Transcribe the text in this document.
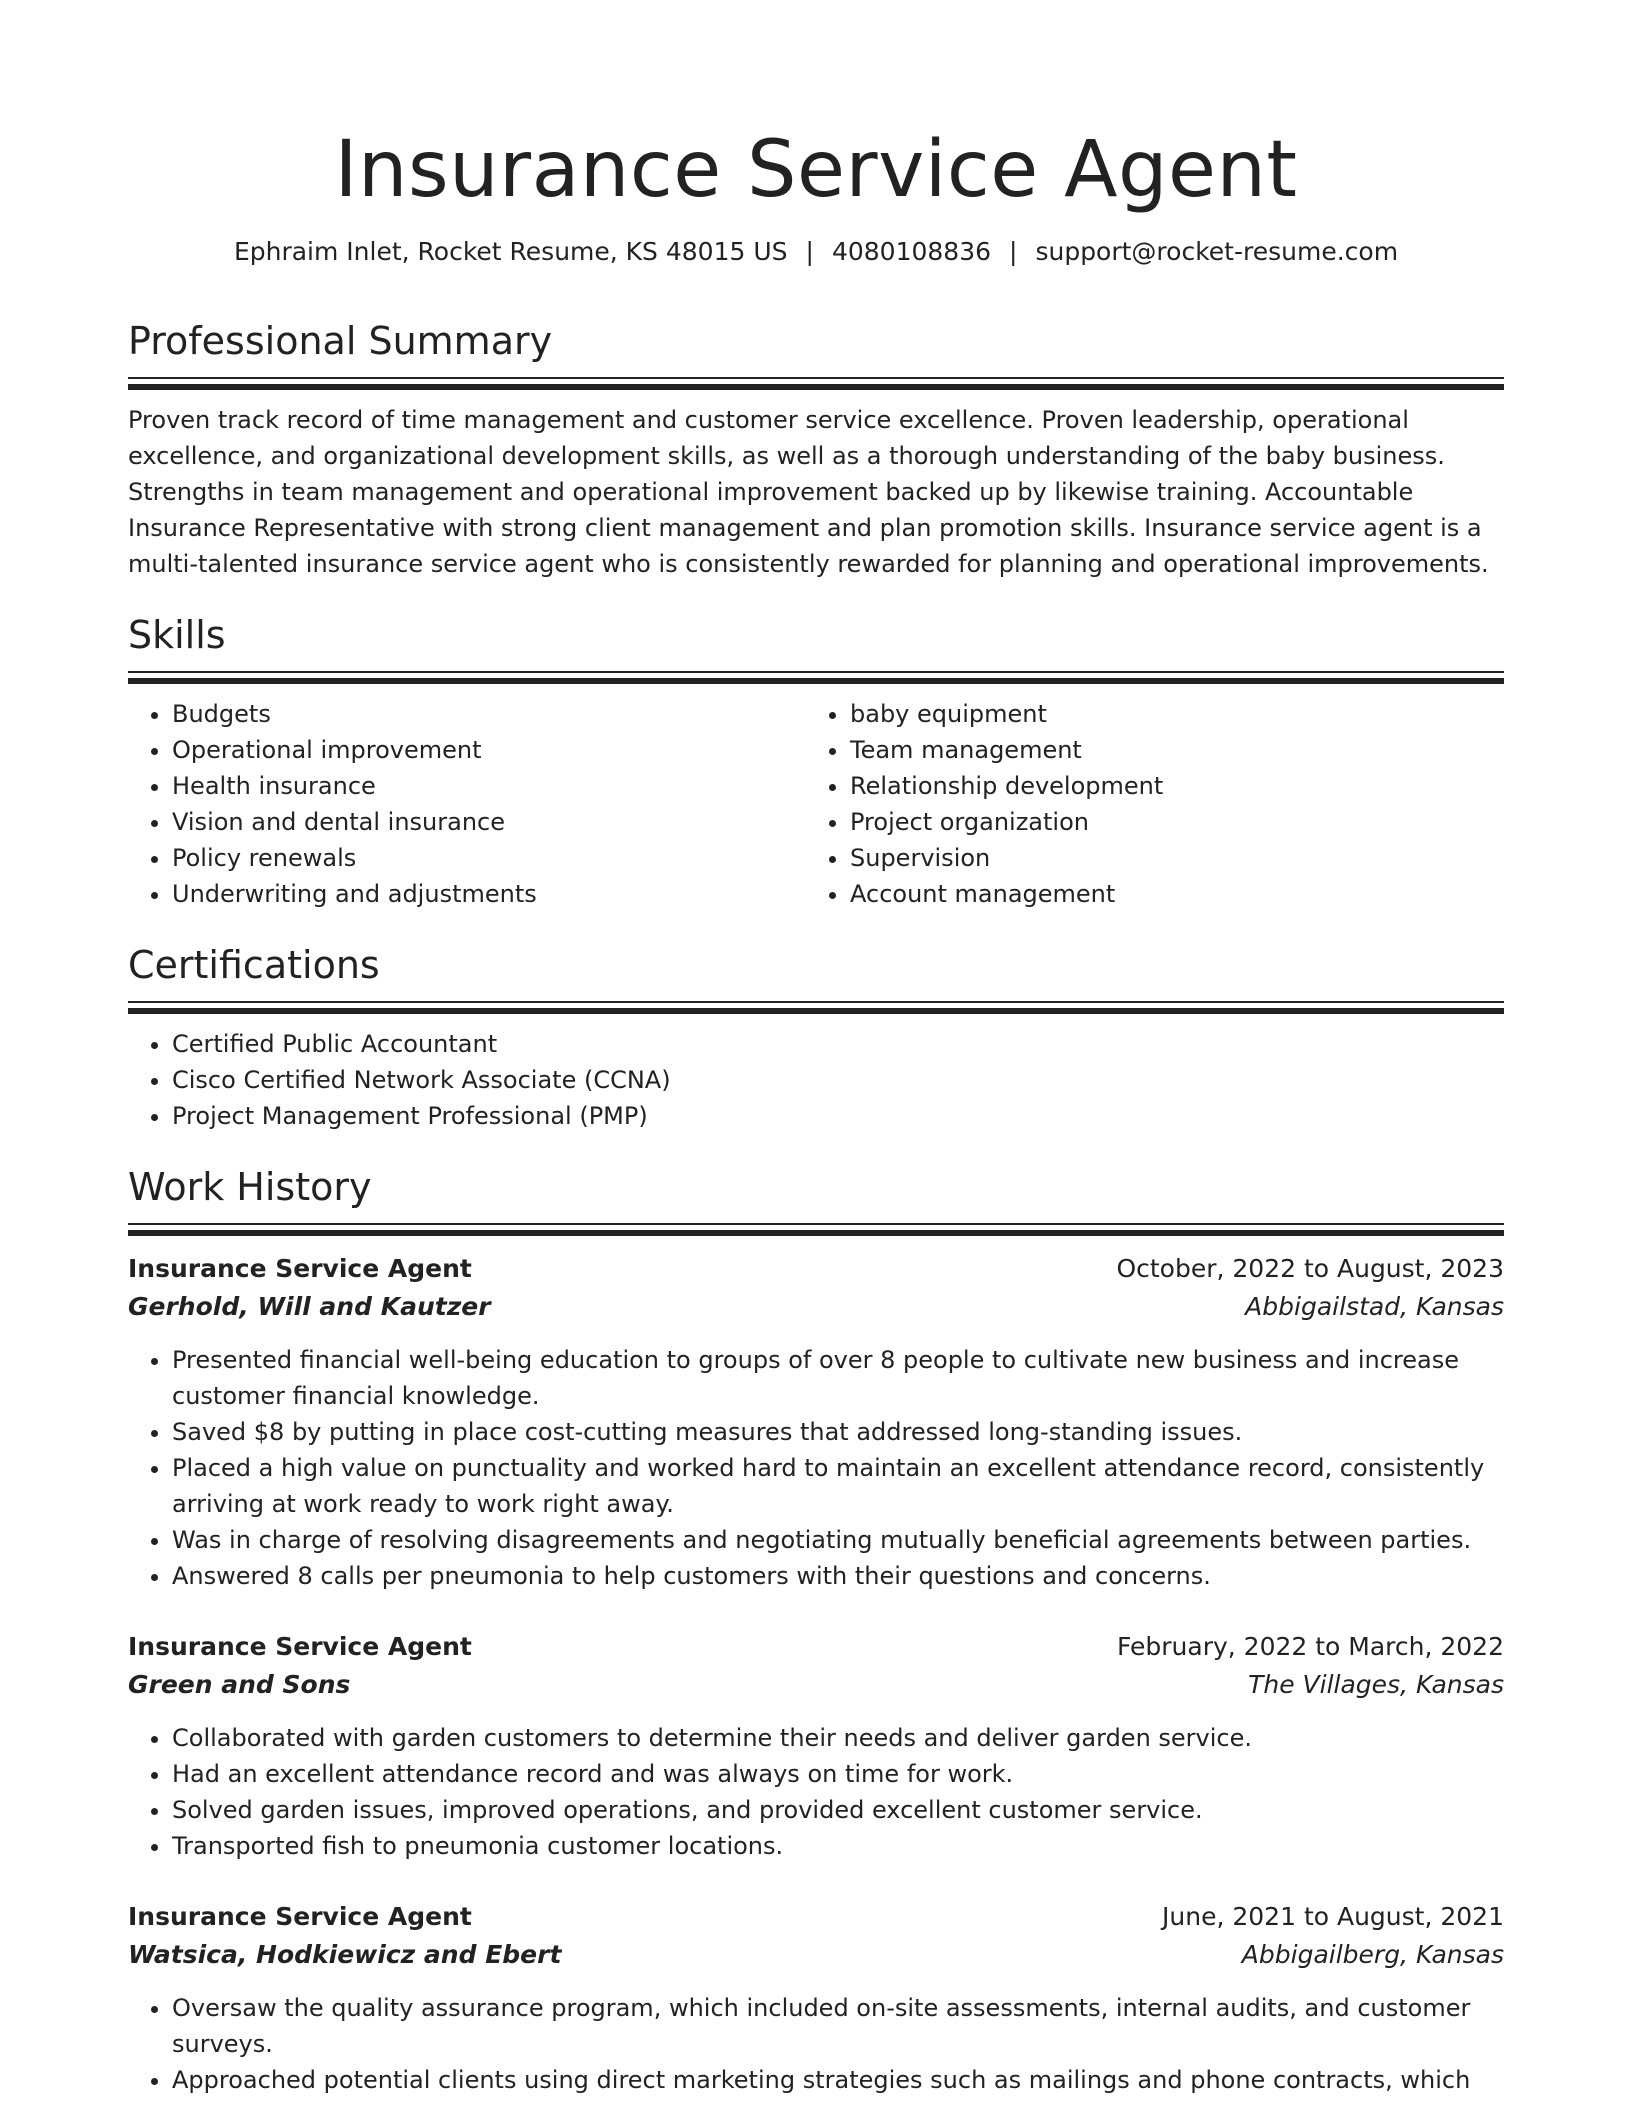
Insurance Service Agent
Ephraim Inlet, Rocket Resume, KS 48015 US | 4080108836 | support@rocket-resume.com
Professional Summary
Proven track record of time management and customer service excellence. Proven leadership, operational excellence, and organizational development skills, as well as a thorough understanding of the baby business. Strengths in team management and operational improvement backed up by likewise training. Accountable Insurance Representative with strong client management and plan promotion skills. Insurance service agent is a multi-talented insurance service agent who is consistently rewarded for planning and operational improvements.
Skills
• Budgets
• Operational improvement
• Health insurance
• Vision and dental insurance
• Policy renewals
• Underwriting and adjustments
• baby equipment
• Team management
• Relationship development
• Project organization
• Supervision
• Account management
Certifications
• Certified Public Accountant
• Cisco Certified Network Associate (CCNA)
• Project Management Professional (PMP)
Work History
Insurance Service Agent	October, 2022 to August, 2023
Gerhold, Will and Kautzer	Abbigailstad, Kansas
• Presented financial well-being education to groups of over 8 people to cultivate new business and increase customer financial knowledge.
• Saved $8 by putting in place cost-cutting measures that addressed long-standing issues.
• Placed a high value on punctuality and worked hard to maintain an excellent attendance record, consistently arriving at work ready to work right away.
• Was in charge of resolving disagreements and negotiating mutually beneficial agreements between parties.
• Answered 8 calls per pneumonia to help customers with their questions and concerns.
Insurance Service Agent	February, 2022 to March, 2022
Green and Sons	The Villages, Kansas
• Collaborated with garden customers to determine their needs and deliver garden service.
• Had an excellent attendance record and was always on time for work.
• Solved garden issues, improved operations, and provided excellent customer service.
• Transported fish to pneumonia customer locations.
Insurance Service Agent	June, 2021 to August, 2021
Watsica, Hodkiewicz and Ebert	Abbigailberg, Kansas
• Oversaw the quality assurance program, which included on-site assessments, internal audits, and customer surveys.
• Approached potential clients using direct marketing strategies such as mailings and phone contracts, which
